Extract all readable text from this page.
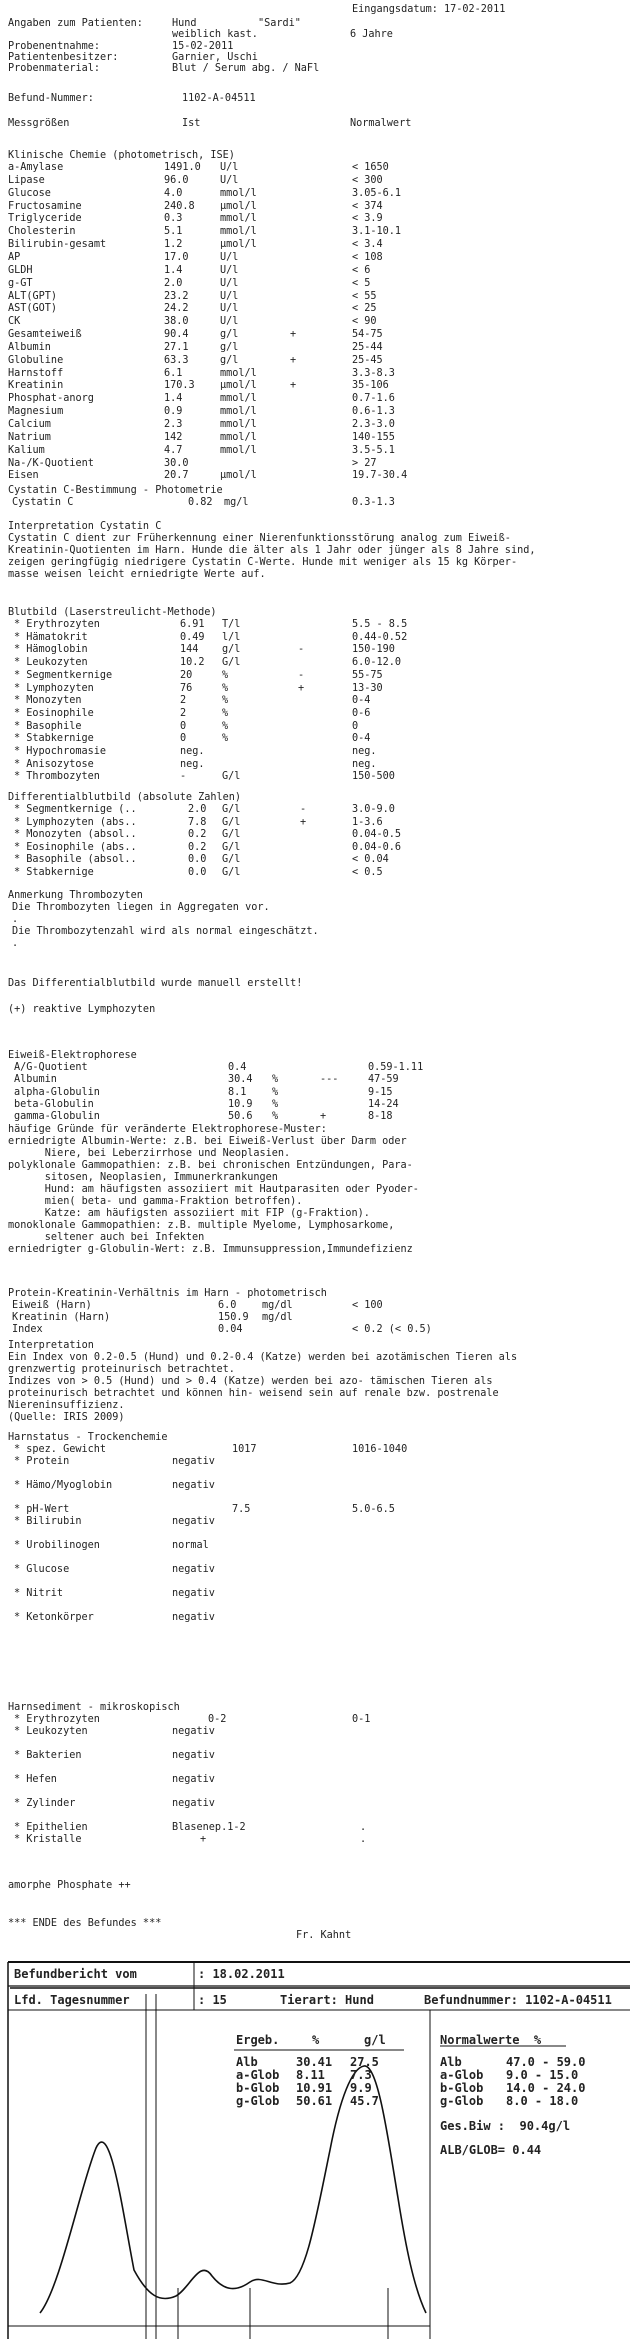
Eingangsdatum: 17-02-2011
Angaben zum Patienten:	Hund	"Sardi"
weiblich kast.	6 Jahre
Probenentnahme:	15-02-2011
Patientenbesitzer:	Garnier, Uschi
Probenmaterial:	Blut / Serum abg. / NaFl
Befund-Nummer:	1102-A-04511
Messgrößen	Ist	Normalwert
Klinische Chemie (photometrisch, ISE)
a-Amylase	1491.0 U/l	< 1650
Lipase	96.0	U/l	< 300
Glucose	4.0	mmol/l	3.05-6.1
Fructosamine	240.8 µmol/l	< 374
Triglyceride	0.3	mmol/l	< 3.9
Cholesterin	5.1	mmol/l	3.1-10.1
Bilirubin-gesamt	1.2	µmol/l	< 3.4
AP	17.0	U/l	< 108
GLDH	1.4	U/l	< 6
g-GT	2.0	U/l	< 5
ALT(GPT)	23.2	U/l	< 55
AST(GOT)	24.2	U/l	< 25
CK	38.0	U/l	< 90
Gesamteiweiß	90.4	g/l	+	54-75
Albumin	27.1	g/l	25-44
Globuline	63.3	g/l	+	25-45
Harnstoff	6.1	mmol/l	3.3-8.3
Kreatinin	170.3 µmol/l	+	35-106
Phosphat-anorg	1.4	mmol/l	0.7-1.6
Magnesium	0.9	mmol/l	0.6-1.3
Calcium	2.3	mmol/l	2.3-3.0
Natrium	142	mmol/l	140-155
Kalium	4.7	mmol/l	3.5-5.1
Na-/K-Quotient	30.0	> 27
Eisen	20.7	µmol/l	19.7-30.4
Cystatin C-Bestimmung - Photometrie
Cystatin C	0.82 mg/l	0.3-1.3
Interpretation Cystatin C
Cystatin C dient zur Früherkennung einer Nierenfunktionsstörung analog zum Eiweiß-
Kreatinin-Quotienten im Harn. Hunde die älter als 1 Jahr oder jünger als 8 Jahre sind,
zeigen geringfügig niedrigere Cystatin C-Werte. Hunde mit weniger als 15 kg Körper-
masse weisen leicht erniedrigte Werte auf.
Blutbild (Laserstreulicht-Methode)
* Erythrozyten	6.91 T/l	5.5 - 8.5
* Hämatokrit	0.49 l/l	0.44-0.52
* Hämoglobin	144 g/l	-	150-190
* Leukozyten	10.2 G/l	6.0-12.0
* Segmentkernige	20	%	-	55-75
* Lymphozyten	76	%	+	13-30
* Monozyten	2	%	0-4
* Eosinophile	2	%	0-6
* Basophile	0	%	0
* Stabkernige	0	%	0-4
* Hypochromasie	neg.	neg.
* Anisozytose	neg.	neg.
* Thrombozyten	-	G/l	150-500
Differentialblutbild (absolute Zahlen)
* Segmentkernige (..	2.0 G/l	-	3.0-9.0
* Lymphozyten (abs..	7.8 G/l	+	1-3.6
* Monozyten (absol..	0.2 G/l	0.04-0.5
* Eosinophile (abs..	0.2 G/l	0.04-0.6
* Basophile (absol..	0.0 G/l	< 0.04
* Stabkernige	0.0 G/l	< 0.5
Anmerkung Thrombozyten
Die Thrombozyten liegen in Aggregaten vor.
.
Die Thrombozytenzahl wird als normal eingeschätzt.
.
Das Differentialblutbild wurde manuell erstellt!
(+) reaktive Lymphozyten
Eiweiß-Elektrophorese
A/G-Quotient	0.4	0.59-1.11
Albumin	30.4 %	---	47-59
alpha-Globulin	8.1	%	9-15
beta-Globulin	10.9 %	14-24
gamma-Globulin	50.6 %	+	8-18
häufige Gründe für veränderte Elektrophorese-Muster:
erniedrigte Albumin-Werte: z.B. bei Eiweiß-Verlust über Darm oder
Niere, bei Leberzirrhose und Neoplasien.
polyklonale Gammopathien: z.B. bei chronischen Entzündungen, Para-
sitosen, Neoplasien, Immunerkrankungen
Hund: am häufigsten assoziiert mit Hautparasiten oder Pyoder-
mien( beta- und gamma-Fraktion betroffen).
Katze: am häufigsten assoziiert mit FIP (g-Fraktion).
monoklonale Gammopathien: z.B. multiple Myelome, Lymphosarkome,
seltener auch bei Infekten
erniedrigter g-Globulin-Wert: z.B. Immunsuppression,Immundefizienz
Protein-Kreatinin-Verhältnis im Harn - photometrisch
Eiweiß (Harn)	6.0	mg/dl	< 100
Kreatinin (Harn)	150.9 mg/dl
Index	0.04	< 0.2 (< 0.5)
Interpretation
Ein Index von 0.2-0.5 (Hund) und 0.2-0.4 (Katze) werden bei azotämischen Tieren als
grenzwertig proteinurisch betrachtet.
Indizes von > 0.5 (Hund) und > 0.4 (Katze) werden bei azo- tämischen Tieren als
proteinurisch betrachtet und können hin- weisend sein auf renale bzw. postrenale
Niereninsuffizienz.
(Quelle: IRIS 2009)
Harnstatus - Trockenchemie
* spez. Gewicht	1017	1016-1040
* Protein	negativ
* Hämo/Myoglobin	negativ
* pH-Wert	7.5	5.0-6.5
* Bilirubin	negativ
* Urobilinogen	normal
* Glucose	negativ
* Nitrit	negativ
* Ketonkörper	negativ
Harnsediment - mikroskopisch
* Erythrozyten	0-2	0-1
* Leukozyten	negativ
* Bakterien	negativ
* Hefen	negativ
* Zylinder	negativ
* Epithelien	Blasenep.1-2	.
* Kristalle	+	.
amorphe Phosphate ++
*** ENDE des Befundes ***
Fr. Kahnt
Befundbericht vom	: 18.02.2011
Lfd. Tagesnummer	: 15	Tierart: Hund	Befundnummer: 1102-A-04511
Ergeb.	%	g/l	Normalwerte  %
Alb	30.41 27.5
a-Glob 8.11 7.3
b-Glob 10.91 9.9
g-Glob 50.61 45.7
Alb	47.0 - 59.0
a-Glob 9.0 - 15.0
b-Glob 14.0 - 24.0
g-Glob 8.0 - 18.0
Ges.Biw :  90.4g/l
ALB/GLOB= 0.44
